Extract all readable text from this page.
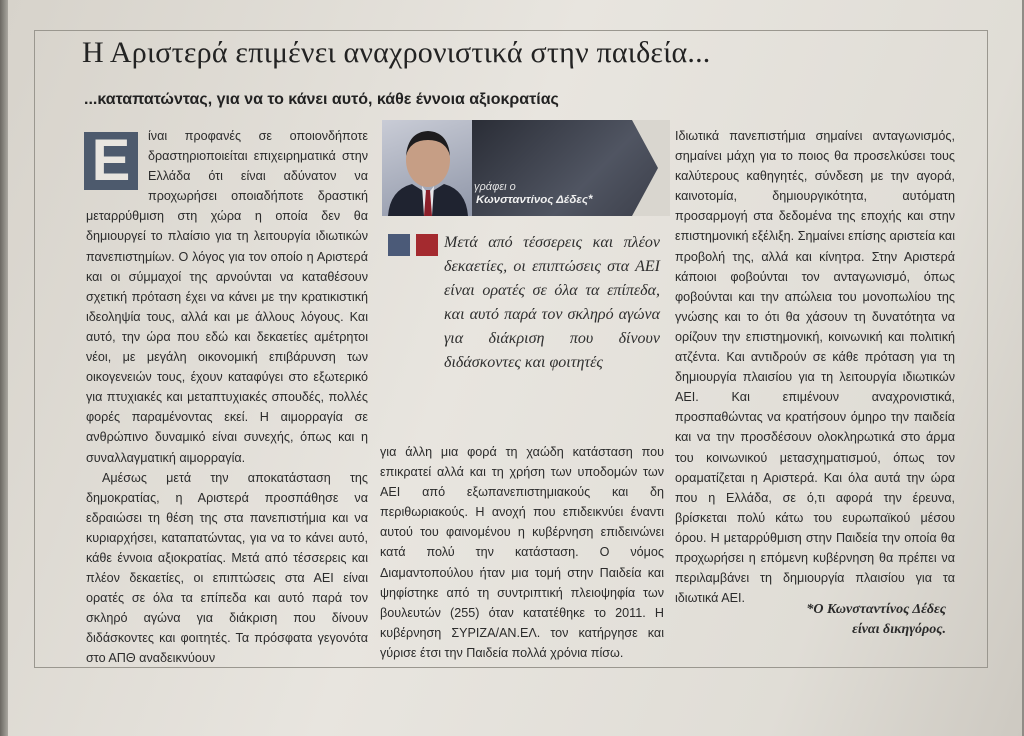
Η Αριστερά επιμένει αναχρονιστικά στην παιδεία...
...καταπατώντας, για να το κάνει αυτό, κάθε έννοια αξιοκρατίας

Ε	ίναι προφανές σε οποιονδήποτε δραστηριοποιείται επιχειρηματικά στην Ελλάδα ότι είναι αδύνατον να προχωρήσει οποιαδήποτε δραστική μεταρρύθμιση στη χώρα η οποία δεν θα δημιουργεί το πλαίσιο για τη λειτουργία ιδιωτικών πανεπιστημίων. Ο λόγος για τον οποίο η Αριστερά και οι σύμμαχοί της αρνούνται να καταθέσουν σχετική πρόταση έχει να κάνει με την κρατικιστική ιδεοληψία τους, αλλά και με άλλους λόγους. Και αυτό, την ώρα που εδώ και δεκαετίες αμέτρητοι νέοι, με μεγάλη οικονομική επιβάρυνση των οικογενειών τους, έχουν καταφύγει στο εξωτερικό για πτυχιακές και μεταπτυχιακές σπουδές, πολλές φορές παραμένοντας εκεί. Η αιμορραγία σε ανθρώπινο δυναμικό είναι συνεχής, όπως και η συναλλαγματική αιμορραγία.

Αμέσως μετά την αποκατάσταση της δημοκρατίας, η Αριστερά προσπάθησε να εδραιώσει τη θέση της στα πανεπιστήμια και να κυριαρχήσει, καταπατώντας, για να το κάνει αυτό, κάθε έννοια αξιοκρατίας. Μετά από τέσσερεις και πλέον δεκαετίες, οι επιπτώσεις στα ΑΕΙ είναι ορατές σε όλα τα επίπεδα και αυτό παρά τον σκληρό αγώνα για διάκριση που δίνουν διδάσκοντες και φοιτητές. Τα πρόσφατα γεγονότα στο ΑΠΘ αναδεικνύουν

γράφει ο

Κωνσταντίνος Δέδες*

Μετά από τέσσερεις και πλέον δεκαετίες, οι επιπτώσεις στα ΑΕΙ είναι ορατές σε όλα τα επίπεδα, και αυτό παρά τον σκληρό αγώνα για διάκριση που δίνουν διδάσκοντες και φοιτητές

για άλλη μια φορά τη χαώδη κατάσταση που επικρατεί αλλά και τη χρήση των υποδομών των ΑΕΙ από εξωπανεπιστημιακούς και δη περιθωριακούς. Η ανοχή που επιδεικνύει έναντι αυτού του φαινομένου η κυβέρνηση επιδεινώνει κατά πολύ την κατάσταση. Ο νόμος Διαμαντοπούλου ήταν μια τομή στην Παιδεία και ψηφίστηκε από τη συντριπτική πλειοψηφία των βουλευτών (255) όταν κατατέθηκε το 2011. Η κυβέρνηση ΣΥΡΙΖΑ/ΑΝ.ΕΛ. τον κατήργησε και γύρισε έτσι την Παιδεία πολλά χρόνια πίσω.

Ιδιωτικά πανεπιστήμια σημαίνει ανταγωνισμός, σημαίνει μάχη για το ποιος θα προσελκύσει τους καλύτερους καθηγητές, σύνδεση με την αγορά, καινοτομία, δημιουργικότητα, αυτόματη προσαρμογή στα δεδομένα της εποχής και στην επιστημονική εξέλιξη. Σημαίνει επίσης αριστεία και προβολή της, αλλά και κίνητρα. Στην Αριστερά κάποιοι φοβούνται τον ανταγωνισμό, όπως φοβούνται και την απώλεια του μονοπωλίου της γνώσης και το ότι θα χάσουν τη δυνατότητα να ορίζουν την επιστημονική, κοινωνική και πολιτική ατζέντα. Και αντιδρούν σε κάθε πρόταση για τη δημιουργία πλαισίου για τη λειτουργία ιδιωτικών ΑΕΙ. Και επιμένουν αναχρονιστικά, προσπαθώντας να κρατήσουν όμηρο την παιδεία και να την προσδέσουν ολοκληρωτικά στο άρμα του κοινωνικού μετασχηματισμού, όπως τον οραματίζεται η Αριστερά. Και όλα αυτά την ώρα που η Ελλάδα, σε ό,τι αφορά την έρευνα, βρίσκεται πολύ κάτω του ευρωπαϊκού μέσου όρου. Η μεταρρύθμιση στην Παιδεία την οποία θα προχωρήσει η επόμενη κυβέρνηση θα πρέπει να περιλαμβάνει τη δημιουργία πλαισίου για τα ιδιωτικά ΑΕΙ.

*Ο Κωνσταντίνος Δέδες

είναι δικηγόρος.
